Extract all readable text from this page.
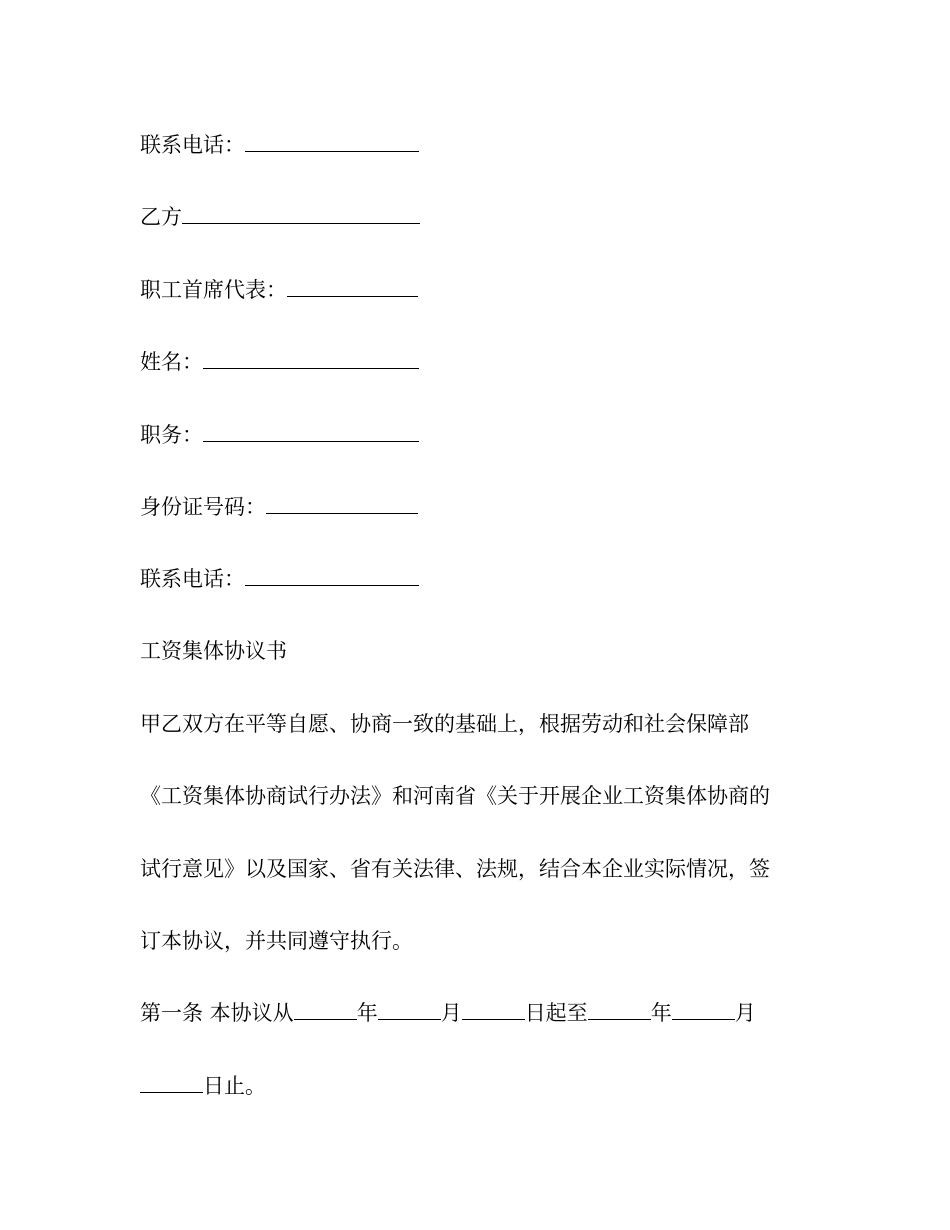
联系电话：
乙方
职工首席代表：
姓名：
职务：
身份证号码：
联系电话：
工资集体协议书
甲乙双方在平等自愿、协商一致的基础上，根据劳动和社会保障部
《工资集体协商试行办法》和河南省《关于开展企业工资集体协商的
试行意见》以及国家、省有关法律、法规，结合本企业实际情况，签
订本协议，并共同遵守执行。
第一条 本协议从	年	月	日起至	年	月
日止。
